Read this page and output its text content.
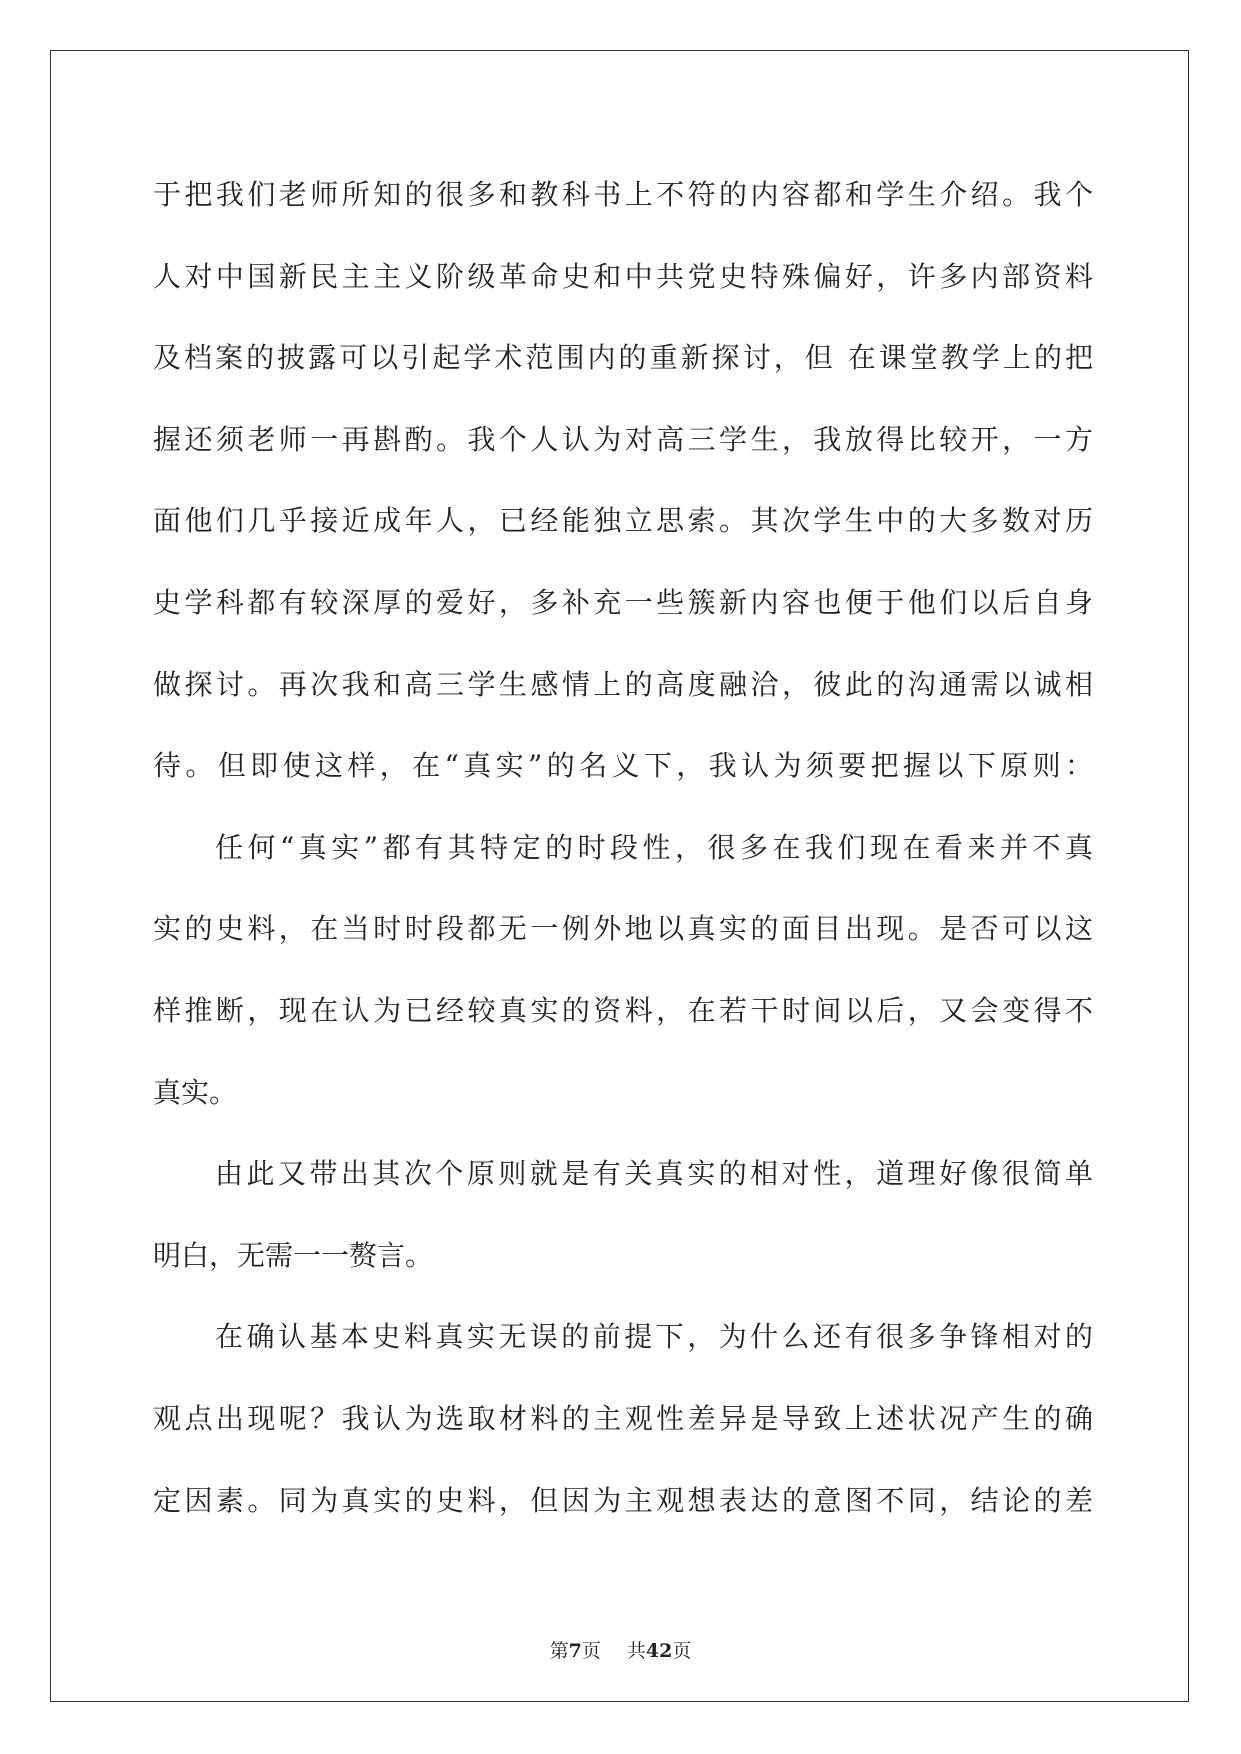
于把我们老师所知的很多和教科书上不符的内容都和学生介绍。我个
人对中国新民主主义阶级革命史和中共党史特殊偏好，许多内部资料
及档案的披露可以引起学术范围内的重新探讨，但 在课堂教学上的把
握还须老师一再斟酌。我个人认为对高三学生，我放得比较开，一方
面他们几乎接近成年人，已经能独立思索。其次学生中的大多数对历
史学科都有较深厚的爱好，多补充一些簇新内容也便于他们以后自身
做探讨。再次我和高三学生感情上的高度融洽，彼此的沟通需以诚相
待。但即使这样，在“真实”的名义下，我认为须要把握以下原则：
任何“真实”都有其特定的时段性，很多在我们现在看来并不真
实的史料，在当时时段都无一例外地以真实的面目出现。是否可以这
样推断，现在认为已经较真实的资料，在若干时间以后，又会变得不
真实。
由此又带出其次个原则就是有关真实的相对性，道理好像很简单
明白，无需一一赘言。
在确认基本史料真实无误的前提下，为什么还有很多争锋相对的
观点出现呢？我认为选取材料的主观性差异是导致上述状况产生的确
定因素。同为真实的史料，但因为主观想表达的意图不同，结论的差
第7页 共42页
